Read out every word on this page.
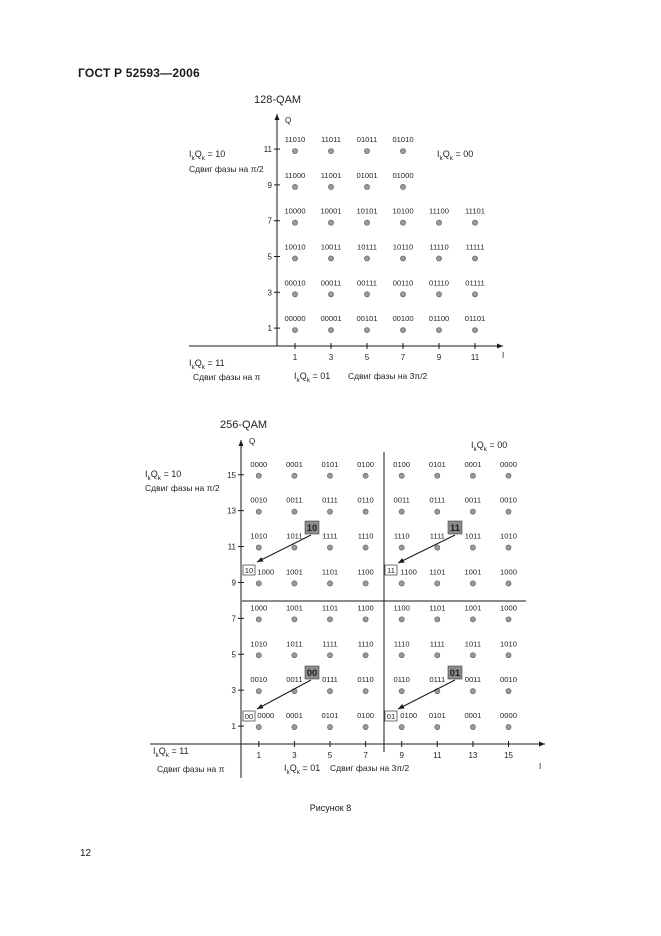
ГОСТ Р 52593—2006
128-QAM
Q
I
1	3	5	7	9	11
1
3
5
7
9
11
11010 11011 01011 01010
11000 11001 01001 01000
10000 10001 10101 10100 11100 11101
10010 10011 10111 10110 11110 11111
00010 00011 00111 00110 01110 01111
00000 00001 00101 00100 01100 01101
$I_kQ_k = 10$
Сдвиг фазы на π/2
$I_kQ_k = 00$
$I_kQ_k = 11$
Сдвиг фазы на π	$I_kQ_k = 01$ Сдвиг фазы на 3π/2
256-QAM
Q
I
1	3	5	7	9	11	13	15
1
3
5
7
9
11
13
15
0000 0001 0101 0100	0100 0101 0001 0000
0010 0011	0111	0110	0011	0111	0011 0010
1010 1011	1111	1110	1110	1111	1011 1010
1000 1001 1101	1100	1100 1101 1001 1000
1000 1001 1101	1100	1100	1101 1001 1000
1010 1011	1111	1110	1110	1111	1011 1010
0010 0011	0111	0110	0110	0111	0011 0010
0000 0001 0101 0100	0100 0101 0001 0000
10	11
00	01
10	11
00	01
$I_kQ_k = 10$
Сдвиг фазы на π/2
$I_kQ_k = 00$
$I_kQ_k = 11$
Сдвиг фазы на π	$I_kQ_k = 01$ Сдвиг фазы на 3π/2
Рисунок 8
12
